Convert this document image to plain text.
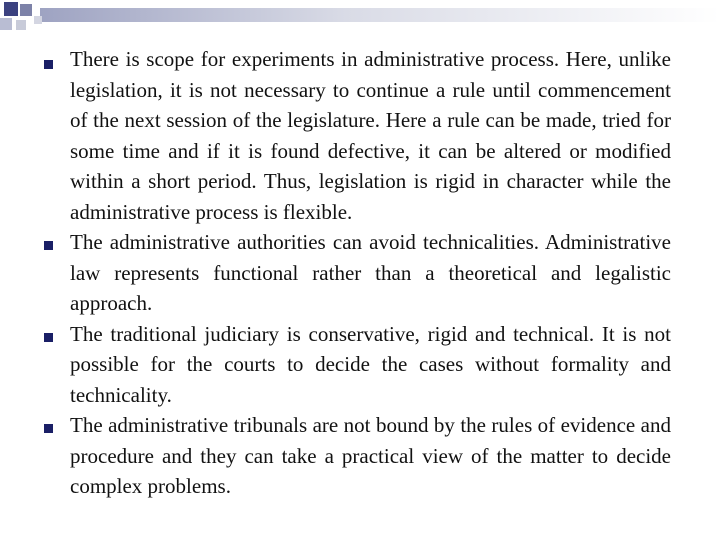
There is scope for experiments in administrative process. Here, unlike legislation, it is not necessary to continue a rule until commencement of the next session of the legislature. Here a rule can be made, tried for some time and if it is found defective, it can be altered or modified within a short period. Thus, legislation is rigid in character while the administrative process is flexible.
The administrative authorities can avoid technicalities. Administrative law represents functional rather than a theoretical and legalistic approach.
The traditional judiciary is conservative, rigid and technical. It is not possible for the courts to decide the cases without formality and technicality.
The administrative tribunals are not bound by the rules of evidence and procedure and they can take a practical view of the matter to decide complex problems.
